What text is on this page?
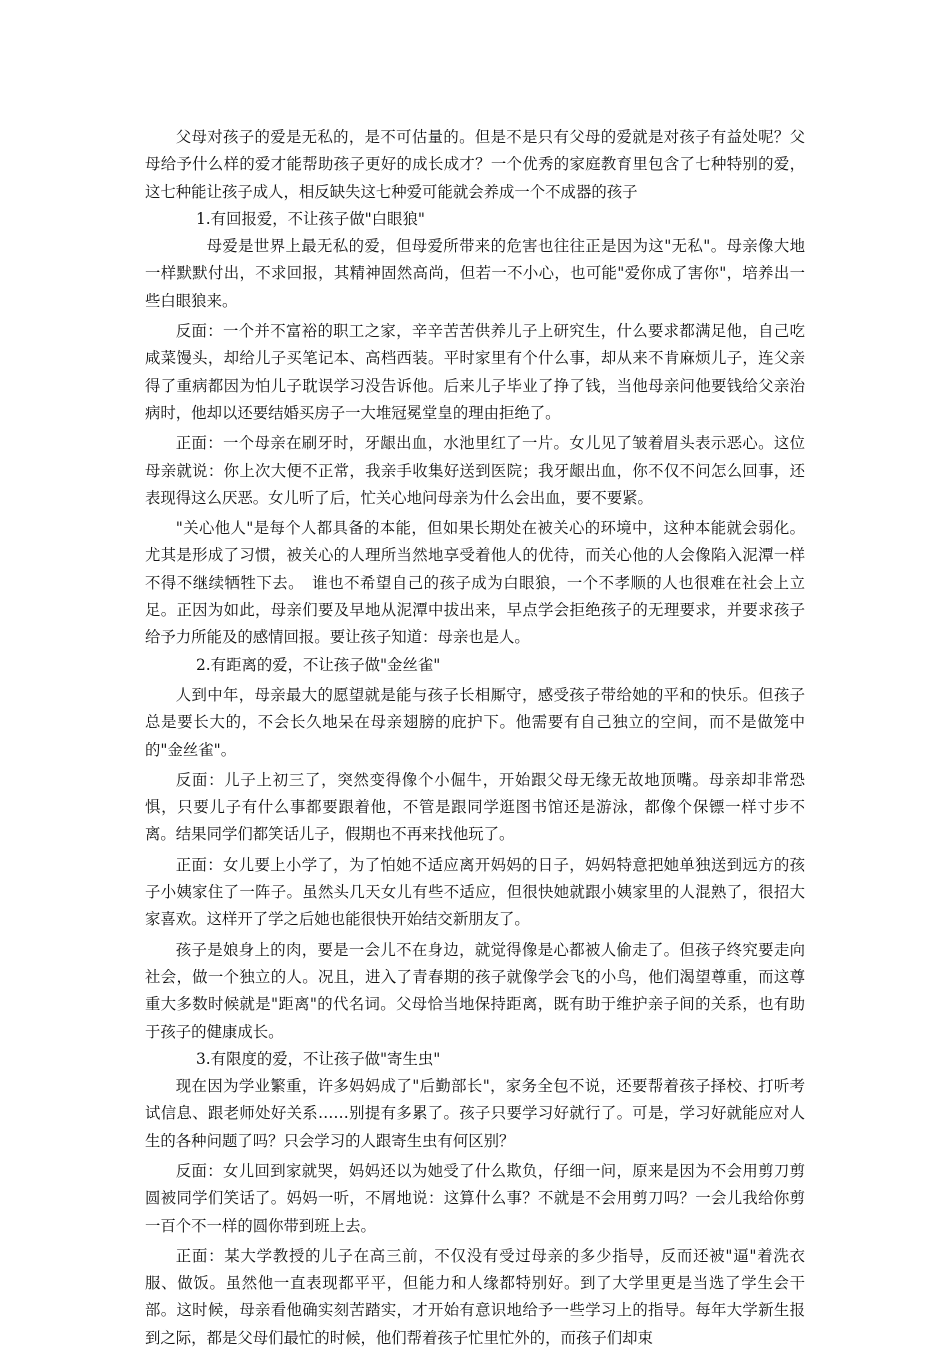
父母对孩子的爱是无私的，是不可估量的。但是不是只有父母的爱就是对孩子有益处呢？父母给予什么样的爱才能帮助孩子更好的成长成才？一个优秀的家庭教育里包含了七种特别的爱，这七种能让孩子成人，相反缺失这七种爱可能就会养成一个不成器的孩子

1.有回报爱，不让孩子做"白眼狼"

母爱是世界上最无私的爱，但母爱所带来的危害也往往正是因为这"无私"。母亲像大地一样默默付出，不求回报，其精神固然高尚，但若一不小心，也可能"爱你成了害你"，培养出一些白眼狼来。

反面：一个并不富裕的职工之家，辛辛苦苦供养儿子上研究生，什么要求都满足他，自己吃咸菜馒头，却给儿子买笔记本、高档西装。平时家里有个什么事，却从来不肯麻烦儿子，连父亲得了重病都因为怕儿子耽误学习没告诉他。后来儿子毕业了挣了钱，当他母亲问他要钱给父亲治病时，他却以还要结婚买房子一大堆冠冕堂皇的理由拒绝了。

正面：一个母亲在刷牙时，牙龈出血，水池里红了一片。女儿见了皱着眉头表示恶心。这位母亲就说：你上次大便不正常，我亲手收集好送到医院；我牙龈出血，你不仅不问怎么回事，还表现得这么厌恶。女儿听了后，忙关心地问母亲为什么会出血，要不要紧。

"关心他人"是每个人都具备的本能，但如果长期处在被关心的环境中，这种本能就会弱化。尤其是形成了习惯，被关心的人理所当然地享受着他人的优待，而关心他的人会像陷入泥潭一样不得不继续牺牲下去。　谁也不希望自己的孩子成为白眼狼，一个不孝顺的人也很难在社会上立足。正因为如此，母亲们要及早地从泥潭中拔出来，早点学会拒绝孩子的无理要求，并要求孩子给予力所能及的感情回报。要让孩子知道：母亲也是人。

2.有距离的爱，不让孩子做"金丝雀"

人到中年，母亲最大的愿望就是能与孩子长相厮守，感受孩子带给她的平和的快乐。但孩子总是要长大的，不会长久地呆在母亲翅膀的庇护下。他需要有自己独立的空间，而不是做笼中的"金丝雀"。

反面：儿子上初三了，突然变得像个小倔牛，开始跟父母无缘无故地顶嘴。母亲却非常恐惧，只要儿子有什么事都要跟着他，不管是跟同学逛图书馆还是游泳，都像个保镖一样寸步不离。结果同学们都笑话儿子，假期也不再来找他玩了。

正面：女儿要上小学了，为了怕她不适应离开妈妈的日子，妈妈特意把她单独送到远方的孩子小姨家住了一阵子。虽然头几天女儿有些不适应，但很快她就跟小姨家里的人混熟了，很招大家喜欢。这样开了学之后她也能很快开始结交新朋友了。

孩子是娘身上的肉，要是一会儿不在身边，就觉得像是心都被人偷走了。但孩子终究要走向社会，做一个独立的人。况且，进入了青春期的孩子就像学会飞的小鸟，他们渴望尊重，而这尊重大多数时候就是"距离"的代名词。父母恰当地保持距离，既有助于维护亲子间的关系，也有助于孩子的健康成长。

3.有限度的爱，不让孩子做"寄生虫"

现在因为学业繁重，许多妈妈成了"后勤部长"，家务全包不说，还要帮着孩子择校、打听考试信息、跟老师处好关系……别提有多累了。孩子只要学习好就行了。可是，学习好就能应对人生的各种问题了吗？只会学习的人跟寄生虫有何区别？

反面：女儿回到家就哭，妈妈还以为她受了什么欺负，仔细一问，原来是因为不会用剪刀剪圆被同学们笑话了。妈妈一听，不屑地说：这算什么事？不就是不会用剪刀吗？一会儿我给你剪一百个不一样的圆你带到班上去。

正面：某大学教授的儿子在高三前，不仅没有受过母亲的多少指导，反而还被"逼"着洗衣服、做饭。虽然他一直表现都平平，但能力和人缘都特别好。到了大学里更是当选了学生会干部。这时候，母亲看他确实刻苦踏实，才开始有意识地给予一些学习上的指导。每年大学新生报到之际，都是父母们最忙的时候，他们帮着孩子忙里忙外的，而孩子们却束
